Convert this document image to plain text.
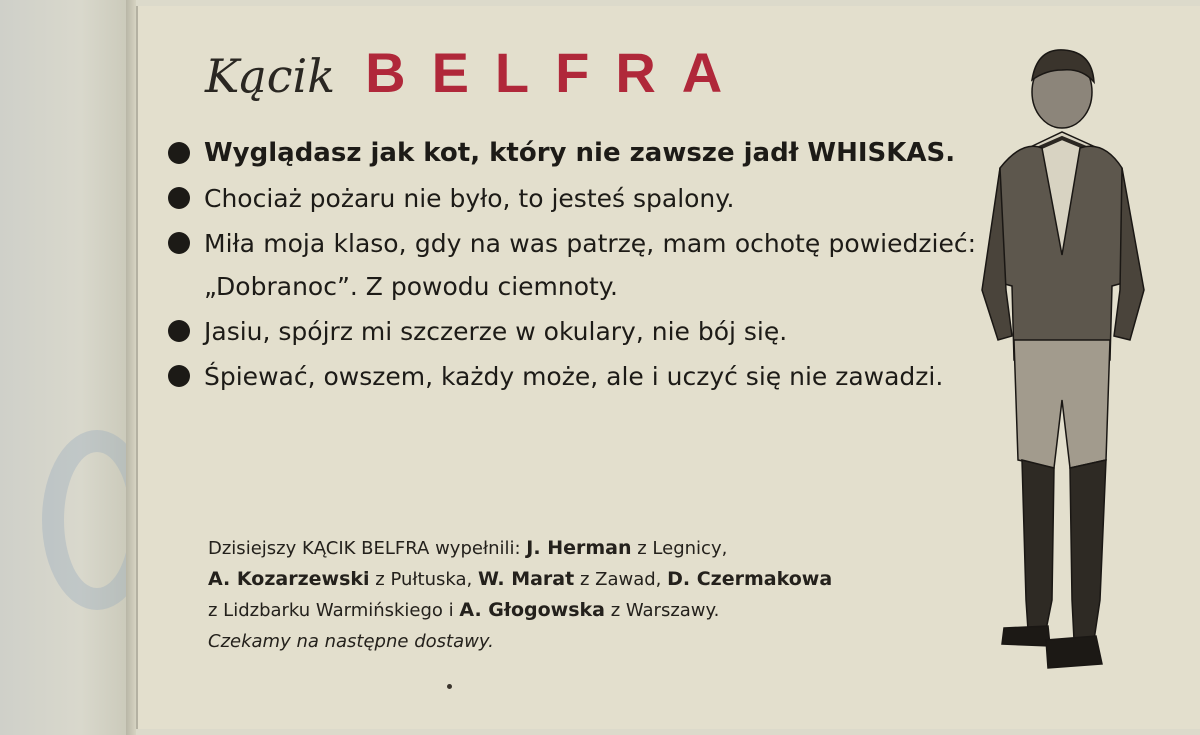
Kącik BELFRA
Wyglądasz jak kot, który nie zawsze jadł WHISKAS.
Chociaż pożaru nie było, to jesteś spalony.
Miła moja klaso, gdy na was patrzę, mam ochotę powiedzieć: „Dobranoc”. Z powodu ciemnoty.
Jasiu, spójrz mi szczerze w okulary, nie bój się.
Śpiewać, owszem, każdy może, ale i uczyć się nie zawadzi.
Dzisiejszy KĄCIK BELFRA wypełnili: J. Herman z Legnicy,
A. Kozarzewski z Pułtuska, W. Marat z Zawad, D. Czermakowa
z Lidzbarku Warmińskiego i A. Głogowska z Warszawy.
Czekamy na następne dostawy.
